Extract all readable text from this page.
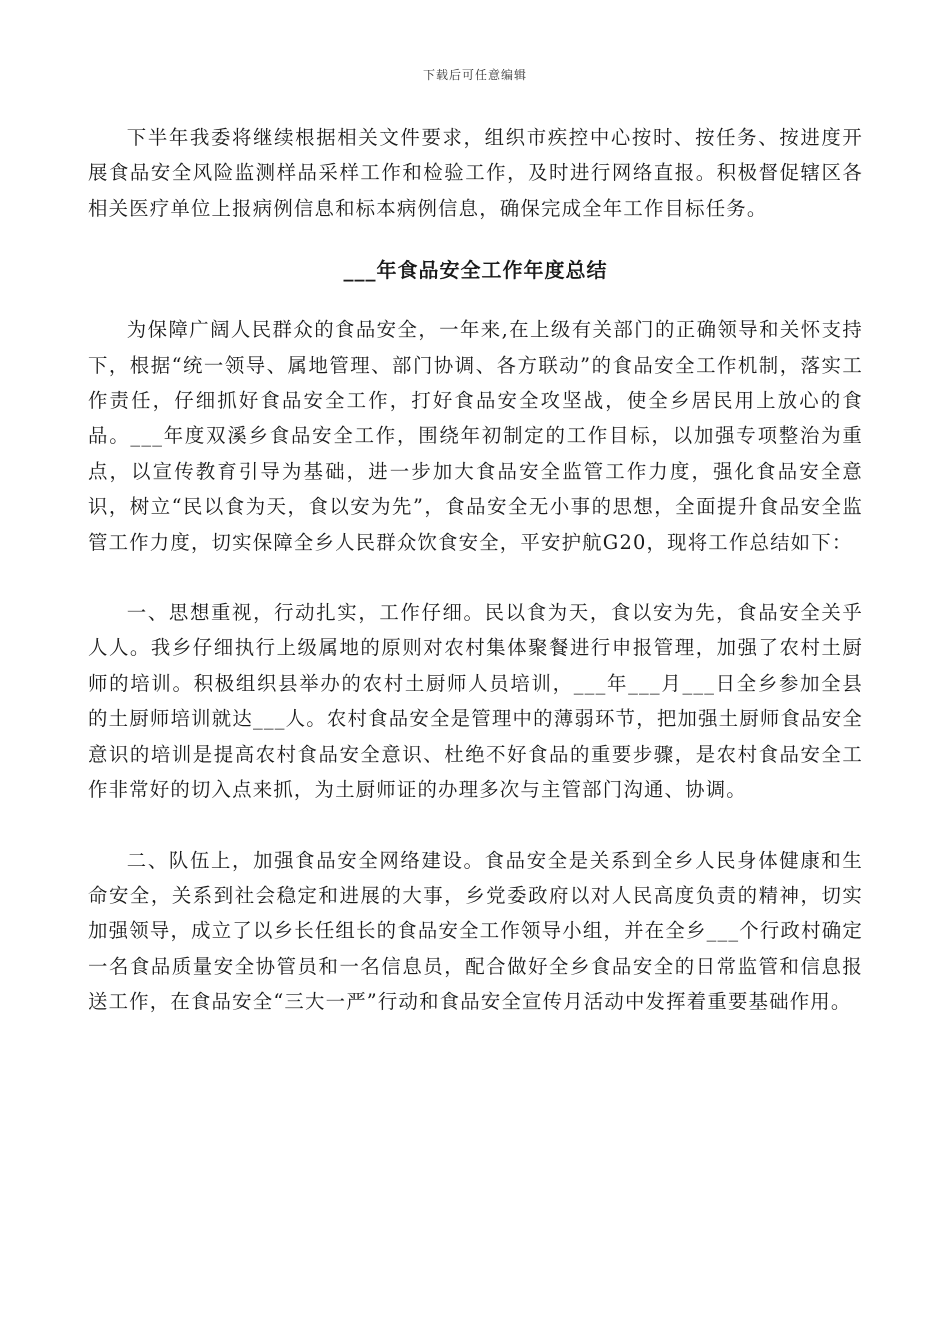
下载后可任意编辑

下半年我委将继续根据相关文件要求，组织市疾控中心按时、按任务、按进度开展食品安全风险监测样品采样工作和检验工作，及时进行网络直报。积极督促辖区各相关医疗单位上报病例信息和标本病例信息，确保完成全年工作目标任务。

___年食品安全工作年度总结

为保障广阔人民群众的食品安全，一年来,在上级有关部门的正确领导和关怀支持下，根据“统一领导、属地管理、部门协调、各方联动”的食品安全工作机制，落实工作责任，仔细抓好食品安全工作，打好食品安全攻坚战，使全乡居民用上放心的食品。___年度双溪乡食品安全工作，围绕年初制定的工作目标，以加强专项整治为重点，以宣传教育引导为基础，进一步加大食品安全监管工作力度，强化食品安全意识，树立“民以食为天，食以安为先”，食品安全无小事的思想，全面提升食品安全监管工作力度，切实保障全乡人民群众饮食安全，平安护航G20，现将工作总结如下：

一、思想重视，行动扎实，工作仔细。民以食为天，食以安为先，食品安全关乎人人。我乡仔细执行上级属地的原则对农村集体聚餐进行申报管理，加强了农村土厨师的培训。积极组织县举办的农村土厨师人员培训，___年___月___日全乡参加全县的土厨师培训就达___人。农村食品安全是管理中的薄弱环节，把加强土厨师食品安全意识的培训是提高农村食品安全意识、杜绝不好食品的重要步骤，是农村食品安全工作非常好的切入点来抓，为土厨师证的办理多次与主管部门沟通、协调。

二、队伍上，加强食品安全网络建设。食品安全是关系到全乡人民身体健康和生命安全，关系到社会稳定和进展的大事，乡党委政府以对人民高度负责的精神，切实加强领导，成立了以乡长任组长的食品安全工作领导小组，并在全乡___个行政村确定一名食品质量安全协管员和一名信息员，配合做好全乡食品安全的日常监管和信息报送工作，在食品安全“三大一严”行动和食品安全宣传月活动中发挥着重要基础作用。
